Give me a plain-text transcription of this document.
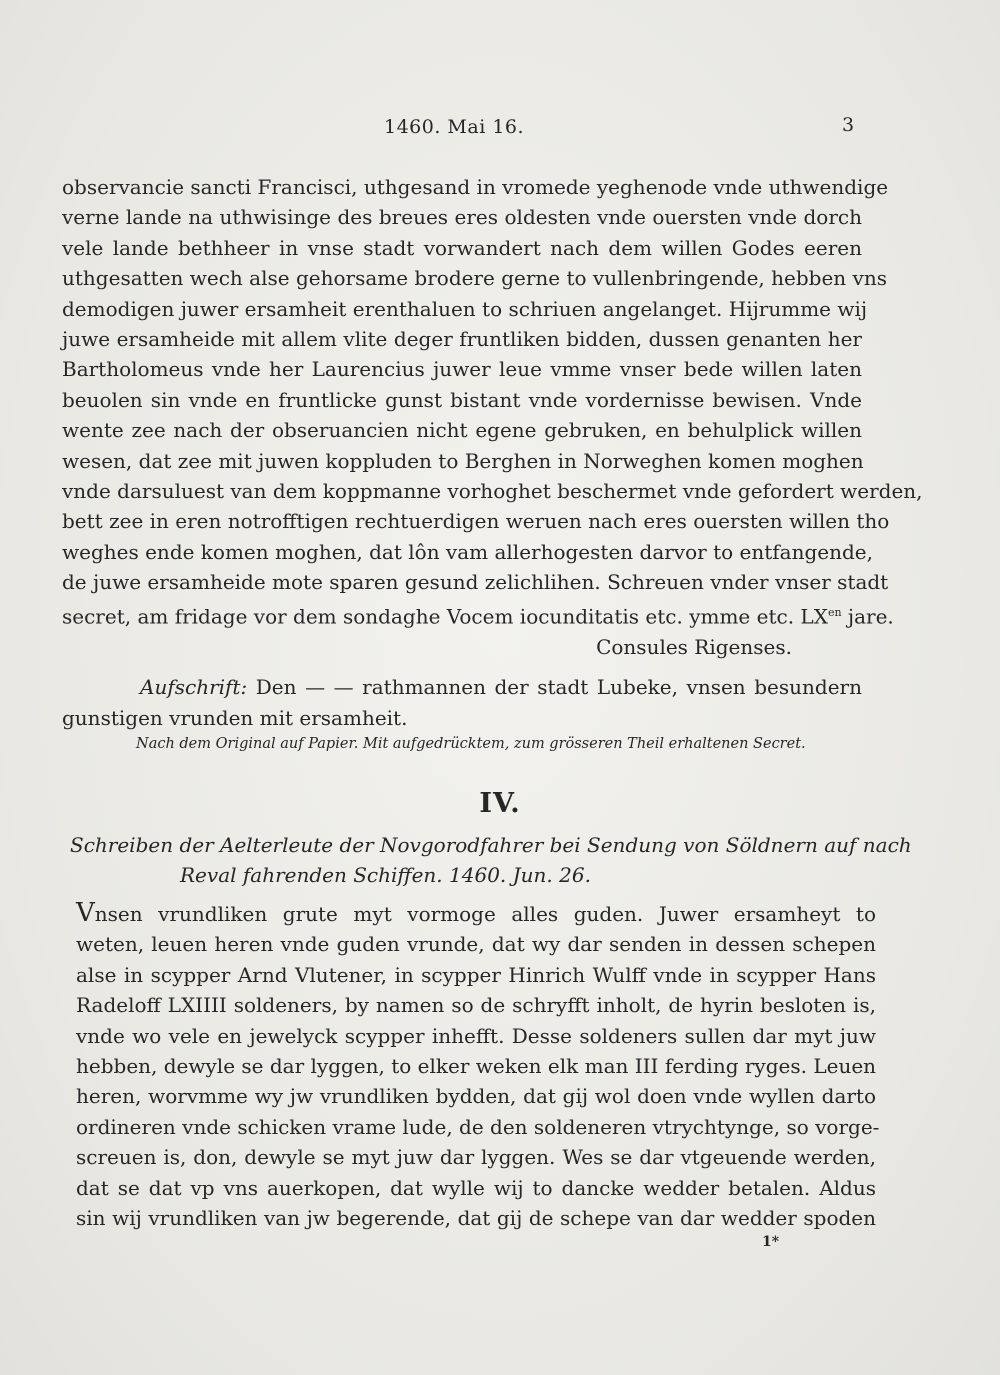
1460. Mai 16.	3
observancie sancti Francisci, uthgesand in vromede yeghenode vnde uthwendige
verne lande na uthwisinge des breues eres oldesten vnde ouersten vnde dorch
vele lande bethheer in vnse stadt vorwandert nach dem willen Godes eeren
uthgesatten wech alse gehorsame brodere gerne to vullenbringende, hebben vns
demodigen juwer ersamheit erenthaluen to schriuen angelanget. Hijrumme wij
juwe ersamheide mit allem vlite deger fruntliken bidden, dussen genanten her
Bartholomeus vnde her Laurencius juwer leue vmme vnser bede willen laten
beuolen sin vnde en fruntlicke gunst bistant vnde vordernisse bewisen. Vnde
wente zee nach der obseruancien nicht egene gebruken, en behulplick willen
wesen, dat zee mit juwen koppluden to Berghen in Norweghen komen moghen
vnde darsuluest van dem koppmanne vorhoghet beschermet vnde gefordert werden,
bett zee in eren notrofftigen rechtuerdigen weruen nach eres ouersten willen tho
weghes ende komen moghen, dat lôn vam allerhogesten darvor to entfangende,
de juwe ersamheide mote sparen gesund zelichlihen. Schreuen vnder vnser stadt
secret, am fridage vor dem sondaghe Vocem iocunditatis etc. ymme etc. $LX^{en}$ jare.
Consules Rigenses.
Aufschrift: Den — — rathmannen der stadt Lubeke, vnsen besundern
gunstigen vrunden mit ersamheit.
Nach dem Original auf Papier. Mit aufgedrücktem, zum grösseren Theil erhaltenen Secret.
IV.
Schreiben der Aelterleute der Novgorodfahrer bei Sendung von Söldnern auf nach
Reval fahrenden Schiffen. 1460. Jun. 26.
Vnsen vrundliken grute myt vormoge alles guden. Juwer ersamheyt to
weten, leuen heren vnde guden vrunde, dat wy dar senden in dessen schepen
alse in scypper Arnd Vlutener, in scypper Hinrich Wulff vnde in scypper Hans
Radeloff LXIIII soldeners, by namen so de schryfft inholt, de hyrin besloten is,
vnde wo vele en jewelyck scypper inhefft. Desse soldeners sullen dar myt juw
hebben, dewyle se dar lyggen, to elker weken elk man III ferding ryges. Leuen
heren, worvmme wy jw vrundliken bydden, dat gij wol doen vnde wyllen darto
ordineren vnde schicken vrame lude, de den soldeneren vtrychtynge, so vorge-
screuen is, don, dewyle se myt juw dar lyggen. Wes se dar vtgeuende werden,
dat se dat vp vns auerkopen, dat wylle wij to dancke wedder betalen. Aldus
sin wij vrundliken van jw begerende, dat gij de schepe van dar wedder spoden
1*
